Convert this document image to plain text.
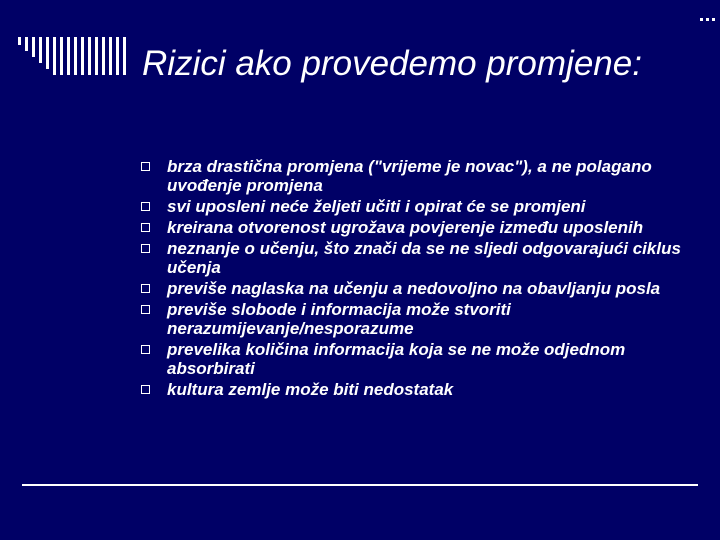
Rizici ako provedemo promjene:
brza drastična promjena ("vrijeme je novac"), a ne polagano uvođenje promjena
svi uposleni neće željeti učiti i opirat će se promjeni
kreirana otvorenost ugrožava povjerenje između uposlenih
neznanje o učenju, što znači da se ne sljedi odgovarajući ciklus učenja
previše naglaska na učenju a nedovoljno na obavljanju posla
previše slobode i informacija može stvoriti nerazumijevanje/nesporazume
prevelika količina informacija koja se ne može odjednom absorbirati
kultura zemlje može biti nedostatak
